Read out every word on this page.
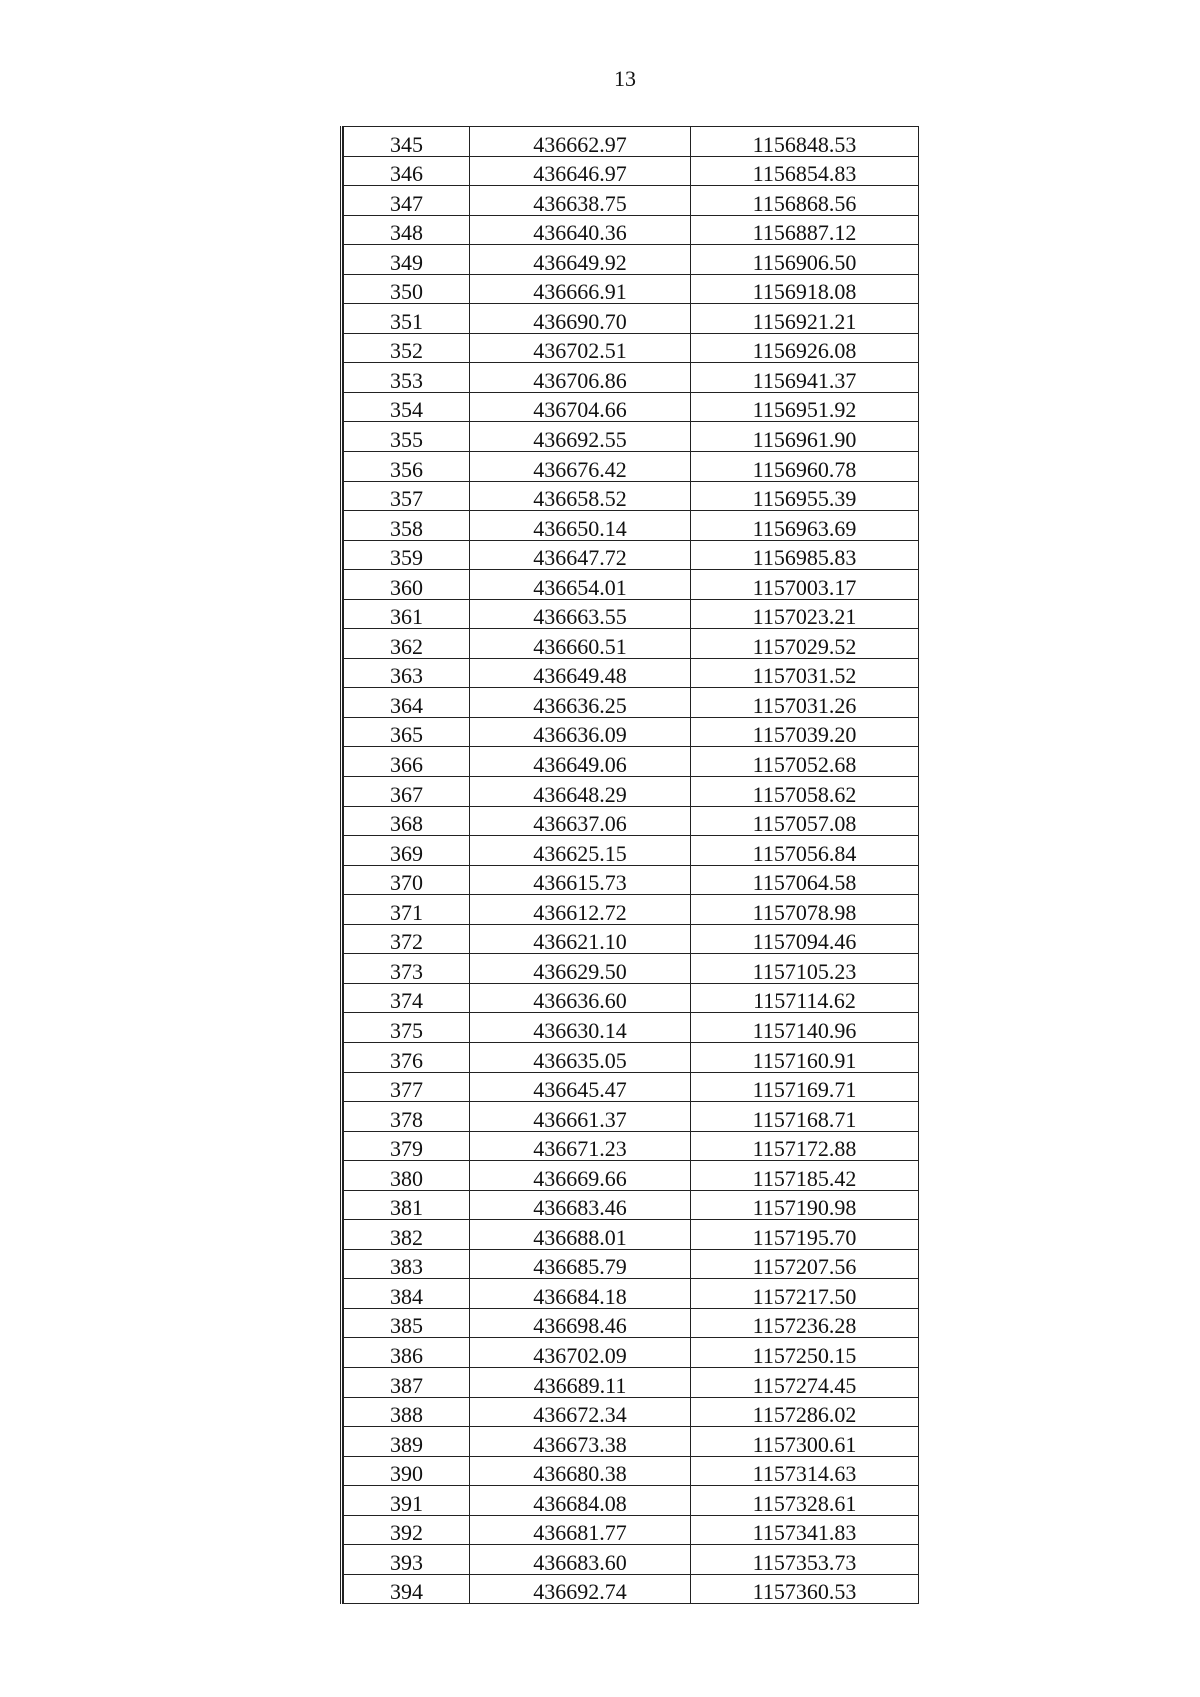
13
345	436662.97	1156848.53
346	436646.97	1156854.83
347	436638.75	1156868.56
348	436640.36	1156887.12
349	436649.92	1156906.50
350	436666.91	1156918.08
351	436690.70	1156921.21
352	436702.51	1156926.08
353	436706.86	1156941.37
354	436704.66	1156951.92
355	436692.55	1156961.90
356	436676.42	1156960.78
357	436658.52	1156955.39
358	436650.14	1156963.69
359	436647.72	1156985.83
360	436654.01	1157003.17
361	436663.55	1157023.21
362	436660.51	1157029.52
363	436649.48	1157031.52
364	436636.25	1157031.26
365	436636.09	1157039.20
366	436649.06	1157052.68
367	436648.29	1157058.62
368	436637.06	1157057.08
369	436625.15	1157056.84
370	436615.73	1157064.58
371	436612.72	1157078.98
372	436621.10	1157094.46
373	436629.50	1157105.23
374	436636.60	1157114.62
375	436630.14	1157140.96
376	436635.05	1157160.91
377	436645.47	1157169.71
378	436661.37	1157168.71
379	436671.23	1157172.88
380	436669.66	1157185.42
381	436683.46	1157190.98
382	436688.01	1157195.70
383	436685.79	1157207.56
384	436684.18	1157217.50
385	436698.46	1157236.28
386	436702.09	1157250.15
387	436689.11	1157274.45
388	436672.34	1157286.02
389	436673.38	1157300.61
390	436680.38	1157314.63
391	436684.08	1157328.61
392	436681.77	1157341.83
393	436683.60	1157353.73
394	436692.74	1157360.53
